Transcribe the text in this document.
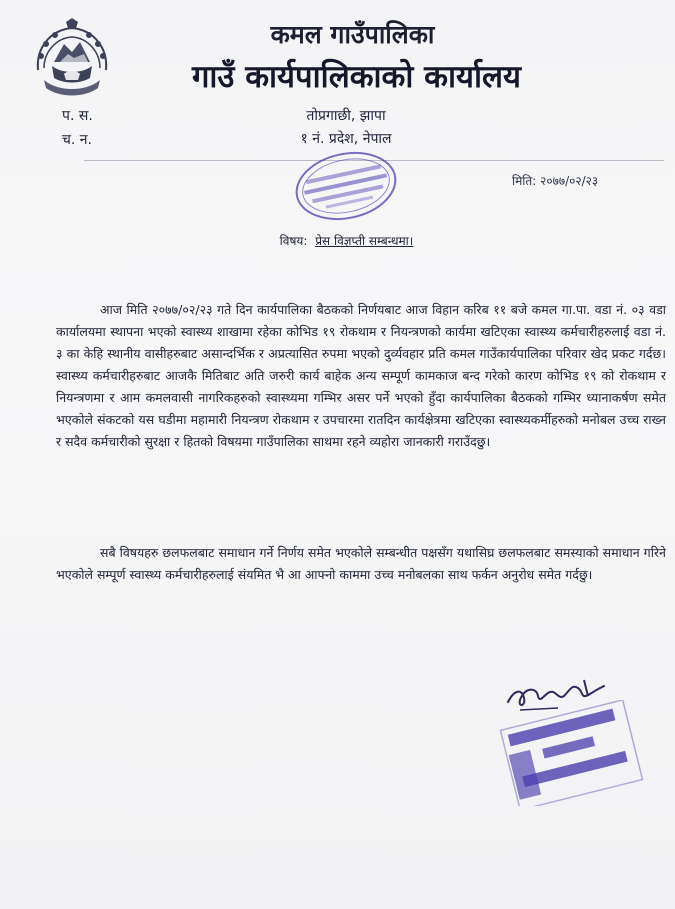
कमल गाउँपालिका
गाउँ कार्यपालिकाको कार्यालय
प. स.
च. न.
तोप्रगाछी, झापा
१ नं. प्रदेश, नेपाल
मिति: २०७७/०२/२३
विषय: प्रेस विज्ञप्ती सम्बन्धमा।

आज मिति २०७७/०२/२३ गते दिन कार्यपालिका बैठकको निर्णयबाट आज विहान करिब ११ बजे कमल गा.पा. वडा नं. ०३ वडा कार्यालयमा स्थापना भएको स्वास्थ्य शाखामा रहेका कोभिड १९ रोकथाम र नियन्त्रणको कार्यमा खटिएका स्वास्थ्य कर्मचारीहरुलाई वडा नं. ३ का केहि स्थानीय वासीहरुबाट असान्दर्भिक र अप्रत्यासित रुपमा भएको दुर्व्यवहार प्रति कमल गाउँकार्यपालिका परिवार खेद प्रकट गर्दछ। स्वास्थ्य कर्मचारीहरुबाट आजकै मितिबाट अति जरुरी कार्य बाहेक अन्य सम्पूर्ण कामकाज बन्द गरेको कारण कोभिड १९ को रोकथाम र नियन्त्रणमा र आम कमलवासी नागरिकहरुको स्वास्थ्यमा गम्भिर असर पर्ने भएको हुँदा कार्यपालिका बैठकको गम्भिर ध्यानाकर्षण समेत भएकोले संकटको यस घडीमा महामारी नियन्त्रण रोकथाम र उपचारमा रातदिन कार्यक्षेत्रमा खटिएका स्वास्थ्यकर्मीहरुको मनोबल उच्च राख्न र सदैव कर्मचारीको सुरक्षा र हितको विषयमा गाउँपालिका साथमा रहने व्यहोरा जानकारी गराउँदछु।

सबै विषयहरु छलफलबाट समाधान गर्ने निर्णय समेत भएकोले सम्बन्धीत पक्षसँग यथासिघ्र छलफलबाट समस्याको समाधान गरिने भएकोले सम्पूर्ण स्वास्थ्य कर्मचारीहरुलाई संयमित भै आ आफ्नो काममा उच्च मनोबलका साथ फर्कन अनुरोध समेत गर्दछु।
